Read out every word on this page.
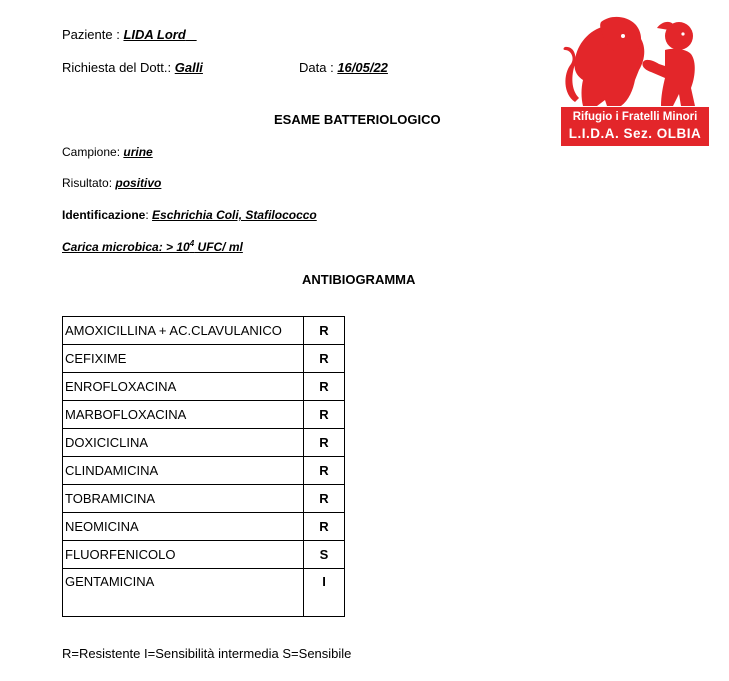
Paziente : LIDA Lord
Richiesta del Dott.: Galli	Data : 16/05/22
Rifugio i Fratelli Minori
L.I.D.A. Sez. OLBIA
ESAME BATTERIOLOGICO
Campione: urine
Risultato: positivo
Identificazione: Eschrichia Coli, Stafilococco
Carica microbica: > $10^4$ UFC/ ml
ANTIBIOGRAMMA
AMOXICILLINA + AC.CLAVULANICO	R
CEFIXIME	R
ENROFLOXACINA	R
MARBOFLOXACINA	R
DOXICICLINA	R
CLINDAMICINA	R
TOBRAMICINA	R
NEOMICINA	R
FLUORFENICOLO	S
GENTAMICINA	I
R=Resistente I=Sensibilità intermedia S=Sensibile
